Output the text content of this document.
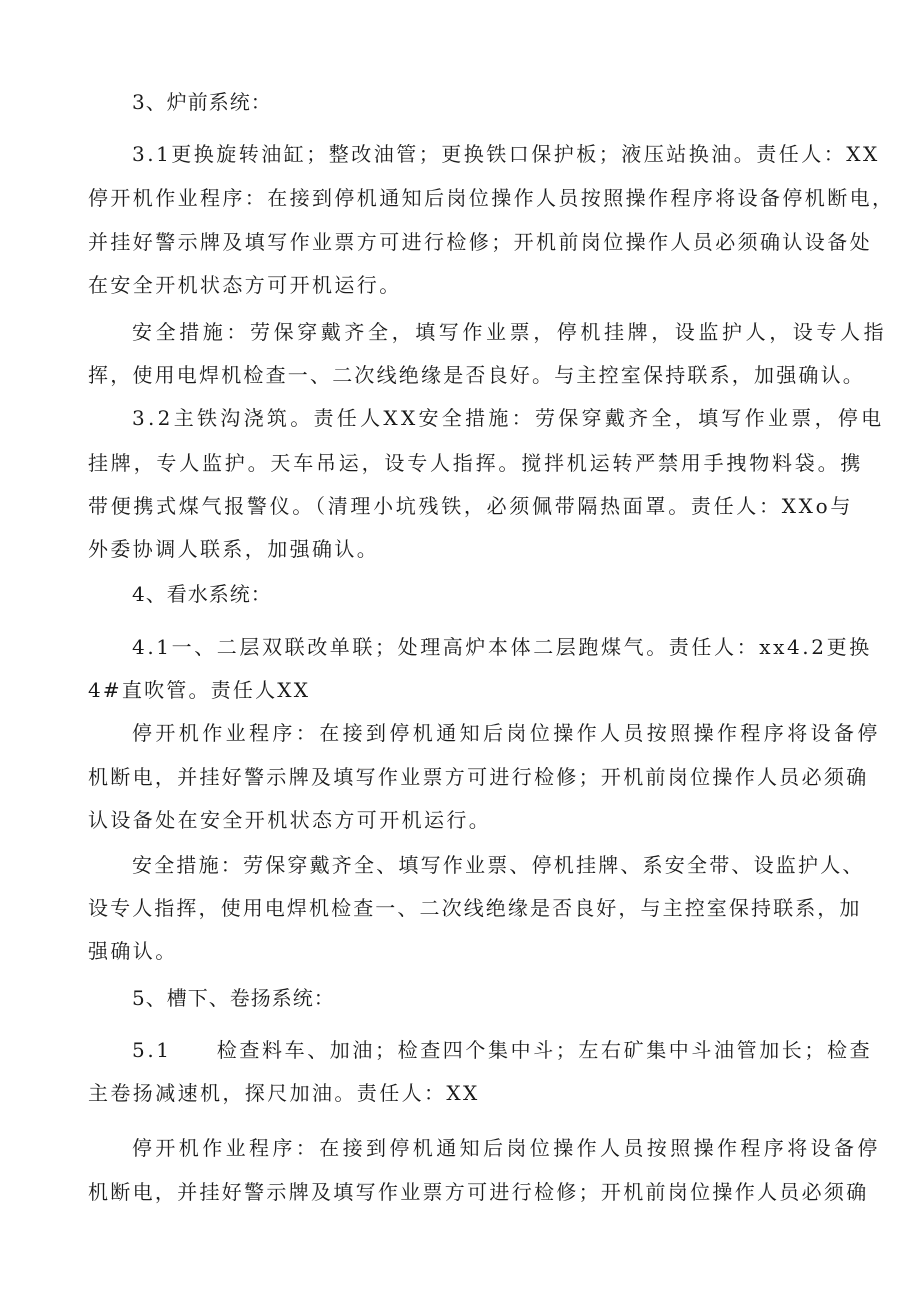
3、炉前系统：
3.1更换旋转油缸；整改油管；更换铁口保护板；液压站换油。责任人：XX
停开机作业程序：在接到停机通知后岗位操作人员按照操作程序将设备停机断电，
并挂好警示牌及填写作业票方可进行检修；开机前岗位操作人员必须确认设备处
在安全开机状态方可开机运行。
安全措施：劳保穿戴齐全，填写作业票，停机挂牌，设监护人，设专人指
挥，使用电焊机检查一、二次线绝缘是否良好。与主控室保持联系，加强确认。
3.2主铁沟浇筑。责任人XX安全措施：劳保穿戴齐全，填写作业票，停电
挂牌，专人监护。天车吊运，设专人指挥。搅拌机运转严禁用手拽物料袋。携
带便携式煤气报警仪。（清理小坑残铁，必须佩带隔热面罩。责任人：XXo与
外委协调人联系，加强确认。
4、看水系统：
4.1一、二层双联改单联；处理高炉本体二层跑煤气。责任人：xx4.2更换
4#直吹管。责任人XX
停开机作业程序：在接到停机通知后岗位操作人员按照操作程序将设备停
机断电，并挂好警示牌及填写作业票方可进行检修；开机前岗位操作人员必须确
认设备处在安全开机状态方可开机运行。
安全措施：劳保穿戴齐全、填写作业票、停机挂牌、系安全带、设监护人、
设专人指挥，使用电焊机检查一、二次线绝缘是否良好，与主控室保持联系，加
强确认。
5、槽下、卷扬系统：
5.1　　检查料车、加油；检查四个集中斗；左右矿集中斗油管加长；检查
主卷扬减速机，探尺加油。责任人：XX
停开机作业程序：在接到停机通知后岗位操作人员按照操作程序将设备停
机断电，并挂好警示牌及填写作业票方可进行检修；开机前岗位操作人员必须确
